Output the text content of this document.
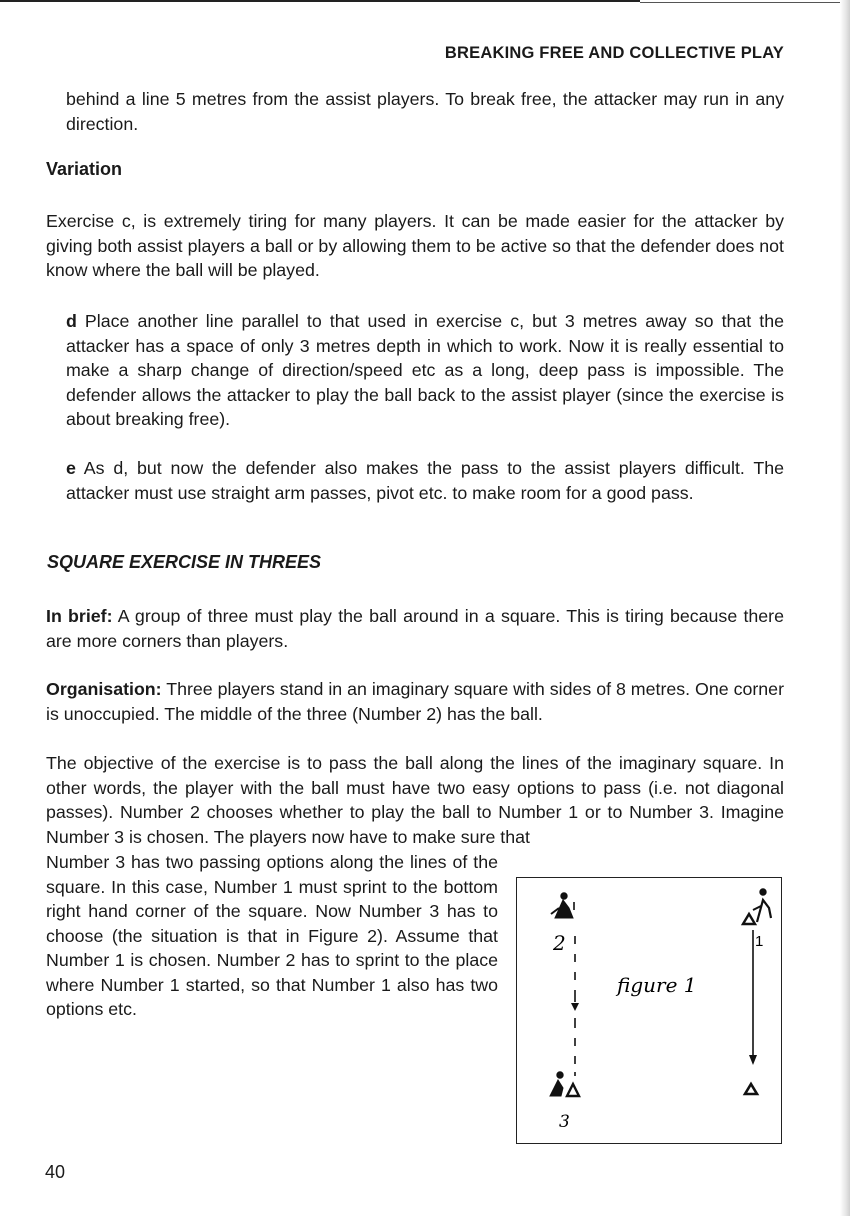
BREAKING FREE AND COLLECTIVE PLAY

behind a line 5 metres from the assist players. To break free, the attacker may run in any direction.

Variation

Exercise c, is extremely tiring for many players. It can be made easier for the attacker by giving both assist players a ball or by allowing them to be active so that the defender does not know where the ball will be played.

d Place another line parallel to that used in exercise c, but 3 metres away so that the attacker has a space of only 3 metres depth in which to work. Now it is really essential to make a sharp change of direction/speed etc as a long, deep pass is impossible. The defender allows the attacker to play the ball back to the assist player (since the exercise is about breaking free).

e As d, but now the defender also makes the pass to the assist players difficult. The attacker must use straight arm passes, pivot etc. to make room for a good pass.

SQUARE EXERCISE IN THREES

In brief: A group of three must play the ball around in a square. This is tiring because there are more corners than players.

Organisation: Three players stand in an imaginary square with sides of 8 metres. One corner is unoccupied. The middle of the three (Number 2) has the ball.

The objective of the exercise is to pass the ball along the lines of the imaginary square. In other words, the player with the ball must have two easy options to pass (i.e. not diagonal passes). Number 2 chooses whether to play the ball to Number 1 or to Number 3. Imagine Number 3 is chosen. The players now have to make sure that

Number 3 has two passing options along the lines of the square. In this case, Number 1 must sprint to the bottom right hand corner of the square. Now Number 3 has to choose (the situation is that in Figure 2). Assume that Number 1 is chosen. Number 2 has to sprint to the place where Number 1 started, so that Number 1 also has two options etc.

2
3
1
figure 1
40
